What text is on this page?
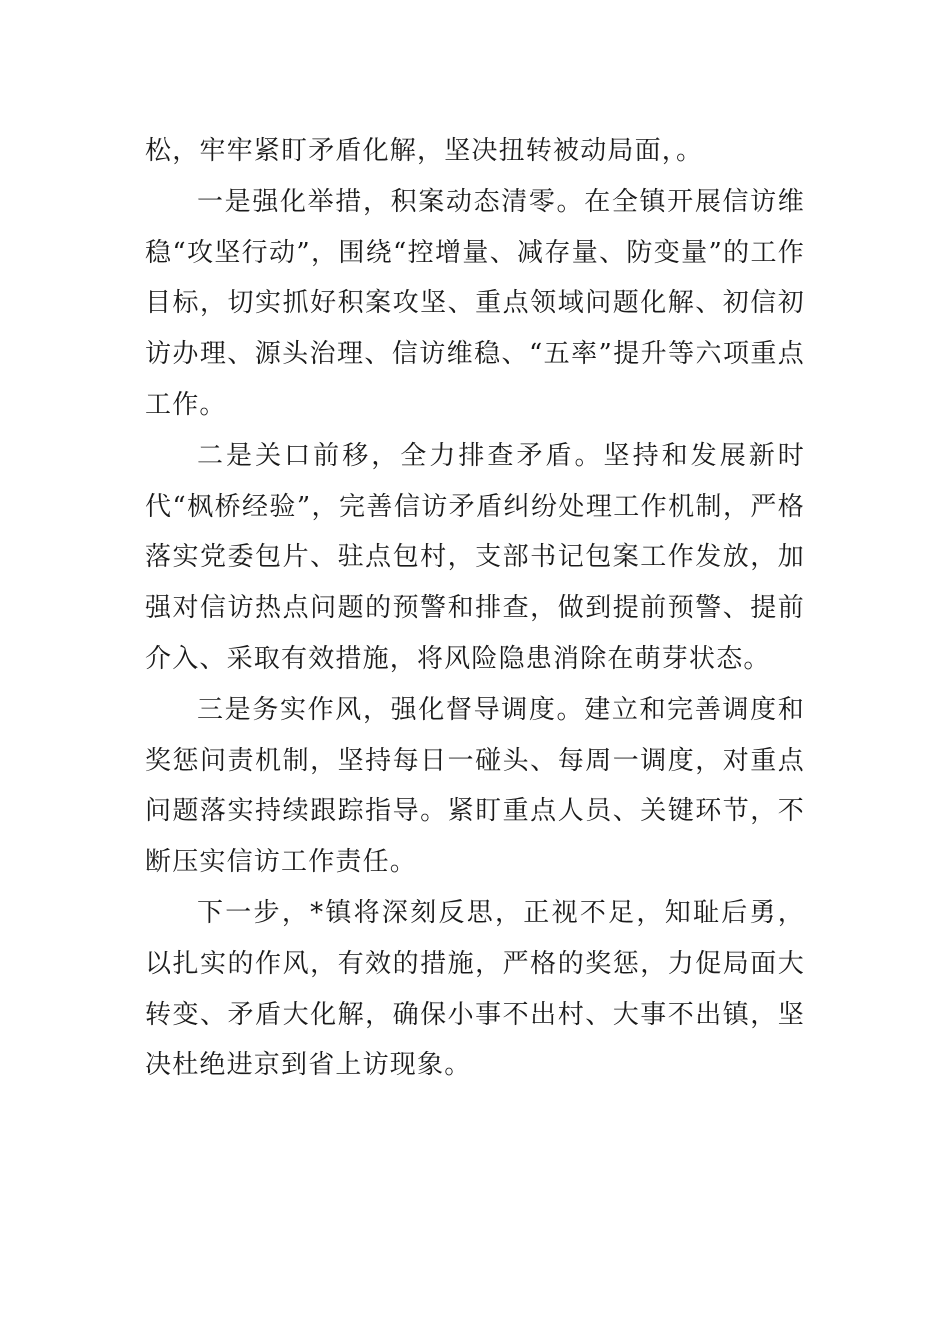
松，牢牢紧盯矛盾化解，坚决扭转被动局面，。

一是强化举措，积案动态清零。在全镇开展信访维稳“攻坚行动”，围绕“控增量、减存量、防变量”的工作目标，切实抓好积案攻坚、重点领域问题化解、初信初访办理、源头治理、信访维稳、“五率”提升等六项重点工作。

二是关口前移，全力排查矛盾。坚持和发展新时代“枫桥经验”，完善信访矛盾纠纷处理工作机制，严格落实党委包片、驻点包村，支部书记包案工作发放，加强对信访热点问题的预警和排查，做到提前预警、提前介入、采取有效措施，将风险隐患消除在萌芽状态。

三是务实作风，强化督导调度。建立和完善调度和奖惩问责机制，坚持每日一碰头、每周一调度，对重点问题落实持续跟踪指导。紧盯重点人员、关键环节，不断压实信访工作责任。

下一步，*镇将深刻反思，正视不足，知耻后勇，以扎实的作风，有效的措施，严格的奖惩，力促局面大转变、矛盾大化解，确保小事不出村、大事不出镇，坚决杜绝进京到省上访现象。
